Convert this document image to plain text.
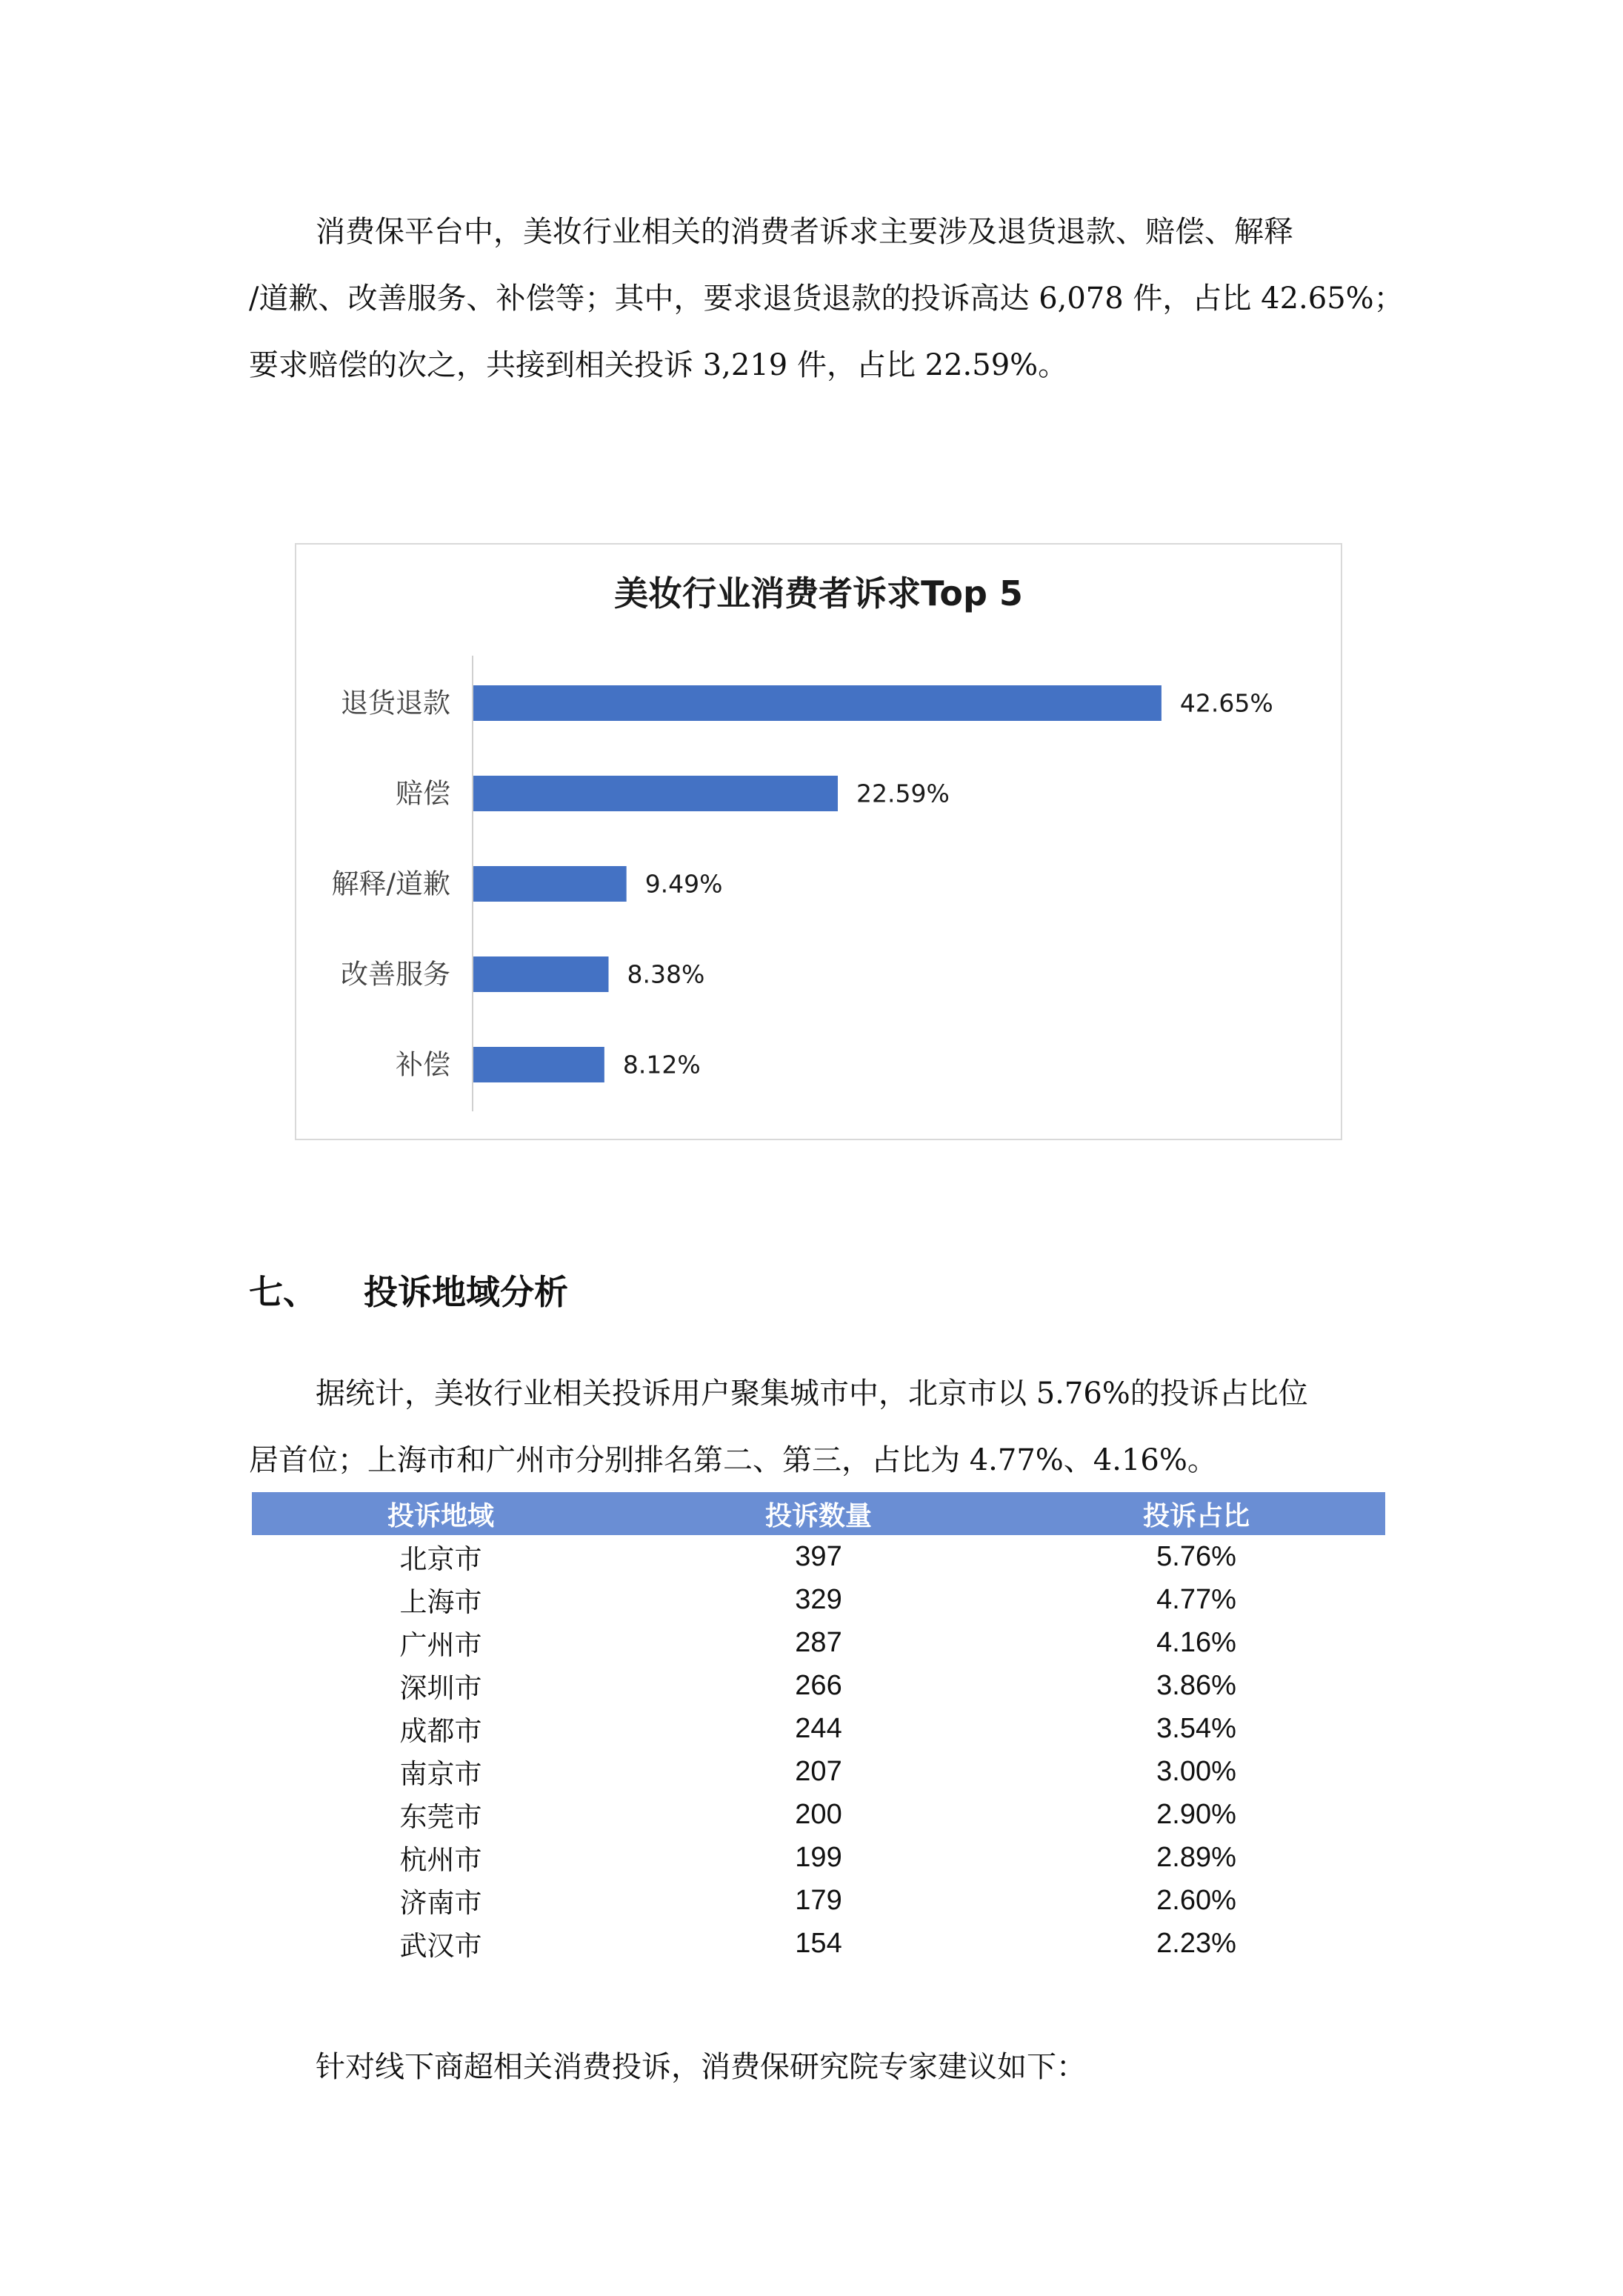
消费保平台中，美妆行业相关的消费者诉求主要涉及退货退款、赔偿、解释
/道歉、改善服务、补偿等；其中，要求退货退款的投诉高达 6,078 件，占比 42.65%；
要求赔偿的次之，共接到相关投诉 3,219 件，占比 22.59%。
美妆行业消费者诉求Top 5
退货退款	42.65%
赔偿	22.59%
解释/道歉	9.49%
改善服务	8.38%
补偿	8.12%
七、 投诉地域分析
据统计，美妆行业相关投诉用户聚集城市中，北京市以 5.76%的投诉占比位
居首位；上海市和广州市分别排名第二、第三，占比为 4.77%、4.16%。
投诉地域	投诉数量	投诉占比
北京市	397	5.76%
上海市	329	4.77%
广州市	287	4.16%
深圳市	266	3.86%
成都市	244	3.54%
南京市	207	3.00%
东莞市	200	2.90%
杭州市	199	2.89%
济南市	179	2.60%
武汉市	154	2.23%
针对线下商超相关消费投诉，消费保研究院专家建议如下：
